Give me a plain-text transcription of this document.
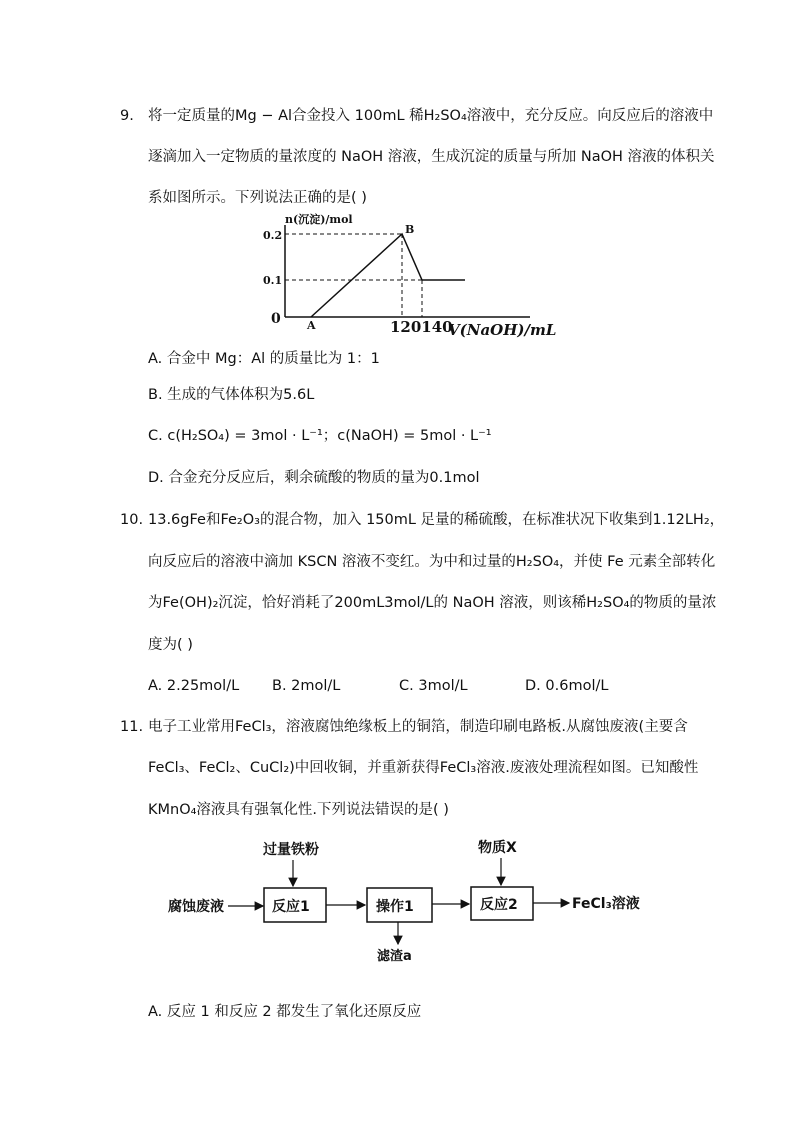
9. 将一定质量的Mg − Al合金投入 100mL 稀H₂SO₄溶液中，充分反应。向反应后的溶液中
逐滴加入一定物质的量浓度的 NaOH 溶液，生成沉淀的质量与所加 NaOH 溶液的体积关
系如图所示。下列说法正确的是( )
n(沉淀)/mol
0
0.2
0.1
A
B
120140
V(NaOH)/mL
A. 合金中 Mg：Al 的质量比为 1：1
B. 生成的气体体积为5.6L
C. c(H₂SO₄) = 3mol · L⁻¹；c(NaOH) = 5mol · L⁻¹
D. 合金充分反应后，剩余硫酸的物质的量为0.1mol
10. 13.6gFe和Fe₂O₃的混合物，加入 150mL 足量的稀硫酸，在标准状况下收集到1.12LH₂，
向反应后的溶液中滴加 KSCN 溶液不变红。为中和过量的H₂SO₄，并使 Fe 元素全部转化
为Fe(OH)₂沉淀，恰好消耗了200mL3mol/L的 NaOH 溶液，则该稀H₂SO₄的物质的量浓
度为( )
A. 2.25mol/L B. 2mol/L	C. 3mol/L	D. 0.6mol/L
11. 电子工业常用FeCl₃，溶液腐蚀绝缘板上的铜箔，制造印刷电路板.从腐蚀废液(主要含
FeCl₃、FeCl₂、CuCl₂)中回收铜，并重新获得FeCl₃溶液.废液处理流程如图。已知酸性
KMnO₄溶液具有强氧化性.下列说法错误的是( )
腐蚀废液
过量铁粉
反应1	操作1
滤渣a
物质X
反应2	FeCl₃溶液
A. 反应 1 和反应 2 都发生了氧化还原反应
